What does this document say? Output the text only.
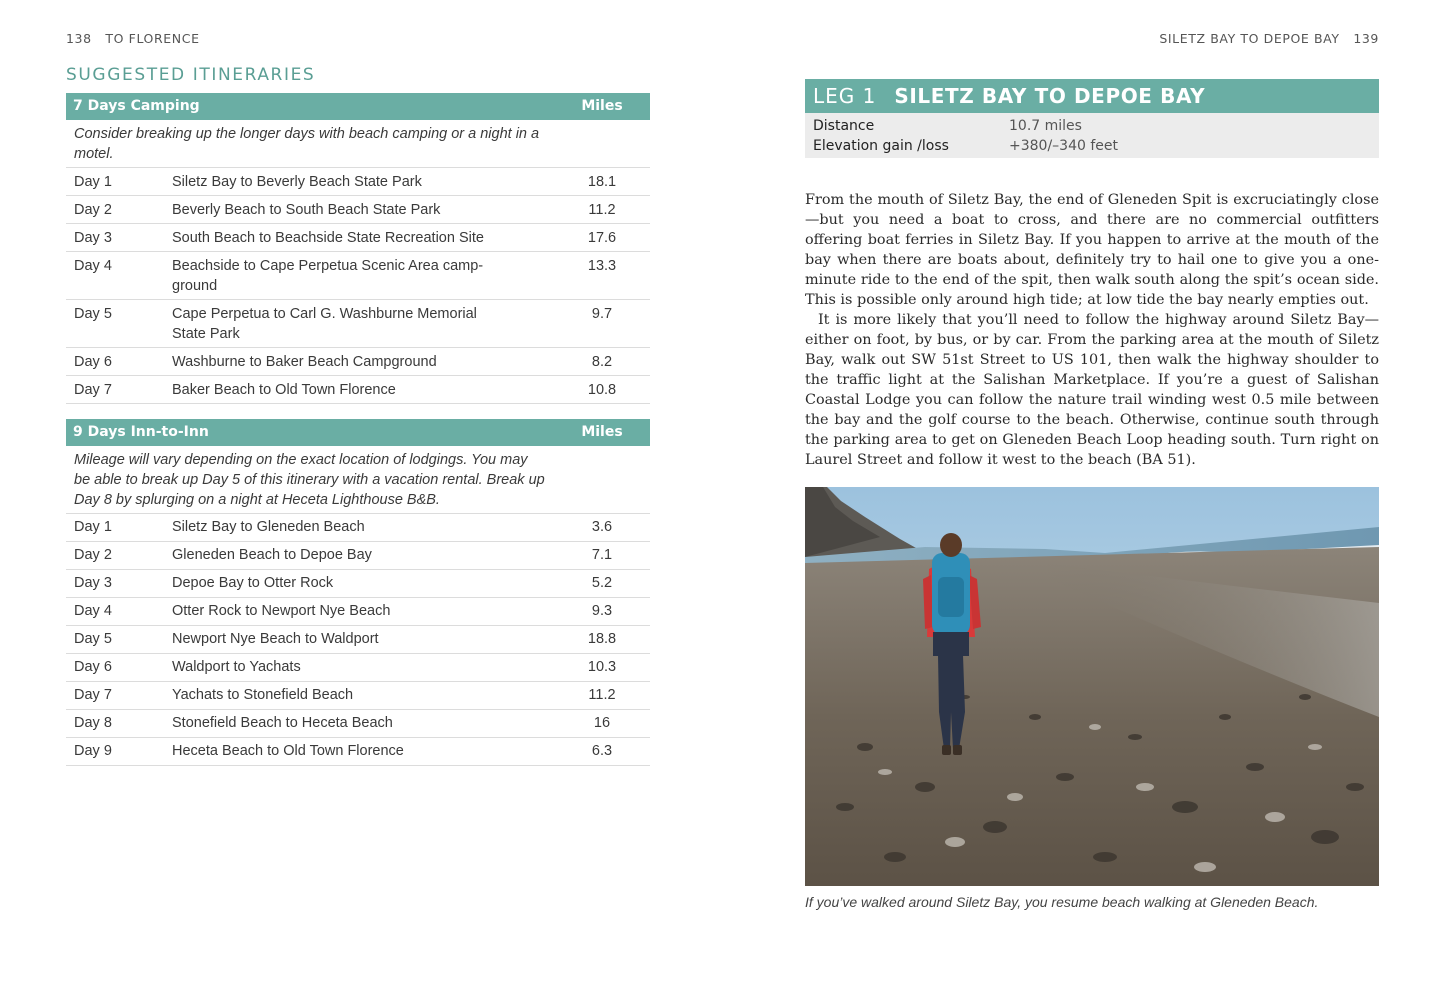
138 TO FLORENCE
SUGGESTED ITINERARIES
7 Days Camping		Miles
Consider breaking up the longer days with beach camping or a night in a motel.		
Day 1	Siletz Bay to Beverly Beach State Park	18.1
Day 2	Beverly Beach to South Beach State Park	11.2
Day 3	South Beach to Beachside State Recreation Site	17.6
Day 4	Beachside to Cape Perpetua Scenic Area camp-ground	13.3
Day 5	Cape Perpetua to Carl G. Washburne Memorial State Park	9.7
Day 6	Washburne to Baker Beach Campground	8.2
Day 7	Baker Beach to Old Town Florence	10.8
9 Days Inn-to-Inn		Miles
Mileage will vary depending on the exact location of lodgings. You may be able to break up Day 5 of this itinerary with a vacation rental. Break up Day 8 by splurging on a night at Heceta Lighthouse B&B.		
Day 1	Siletz Bay to Gleneden Beach	3.6
Day 2	Gleneden Beach to Depoe Bay	7.1
Day 3	Depoe Bay to Otter Rock	5.2
Day 4	Otter Rock to Newport Nye Beach	9.3
Day 5	Newport Nye Beach to Waldport	18.8
Day 6	Waldport to Yachats	10.3
Day 7	Yachats to Stonefield Beach	11.2
Day 8	Stonefield Beach to Heceta Beach	16
Day 9	Heceta Beach to Old Town Florence	6.3
SILETZ BAY TO DEPOE BAY 139
LEG 1 SILETZ BAY TO DEPOE BAY
Distance	10.7 miles
Elevation gain /loss	+380/–340 feet

From the mouth of Siletz Bay, the end of Gleneden Spit is excruciatingly close—but you need a boat to cross, and there are no commercial outfitters offering boat ferries in Siletz Bay. If you happen to arrive at the mouth of the bay when there are boats about, definitely try to hail one to give you a one-minute ride to the end of the spit, then walk south along the spit’s ocean side. This is possible only around high tide; at low tide the bay nearly empties out.

It is more likely that you’ll need to follow the highway around Siletz Bay—either on foot, by bus, or by car. From the parking area at the mouth of Siletz Bay, walk out SW 51st Street to US 101, then walk the highway shoulder to the traffic light at the Salishan Marketplace. If you’re a guest of Salishan Coastal Lodge you can follow the nature trail winding west 0.5 mile between the bay and the golf course to the beach. Otherwise, continue south through the parking area to get on Gleneden Beach Loop heading south. Turn right on Laurel Street and follow it west to the beach (BA 51).

If you’ve walked around Siletz Bay, you resume beach walking at Gleneden Beach.
